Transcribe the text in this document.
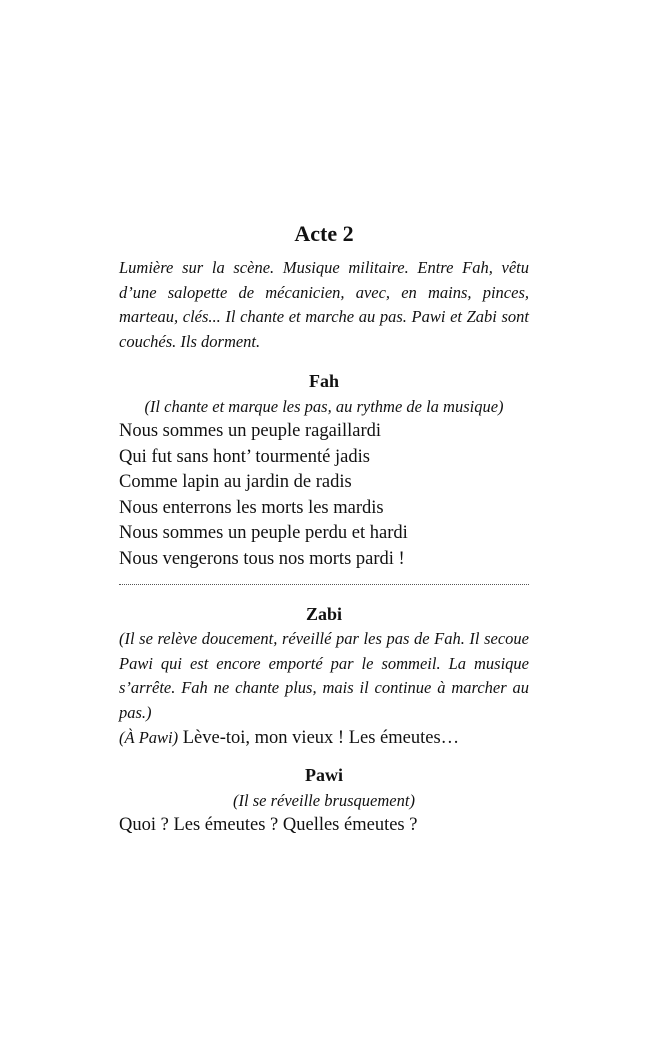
Acte 2

Lumière sur la scène. Musique militaire. Entre Fah, vêtu d’une salopette de mécanicien, avec, en mains, pinces, marteau, clés... Il chante et marche au pas. Pawi et Zabi sont couchés. Ils dorment.

Fah

(Il chante et marque les pas, au rythme de la musique)

Nous sommes un peuple ragaillardi

Qui fut sans hont’ tourmenté jadis

Comme lapin au jardin de radis

Nous enterrons les morts les mardis

Nous sommes un peuple perdu et hardi

Nous vengerons tous nos morts pardi !

Zabi

(Il se relève doucement, réveillé par les pas de Fah. Il secoue Pawi qui est encore emporté par le sommeil. La musique s’arrête. Fah ne chante plus, mais il continue à marcher au pas.)

(À Pawi) Lève-toi, mon vieux ! Les émeutes…

Pawi

(Il se réveille brusquement)

Quoi ? Les émeutes ? Quelles émeutes ?
